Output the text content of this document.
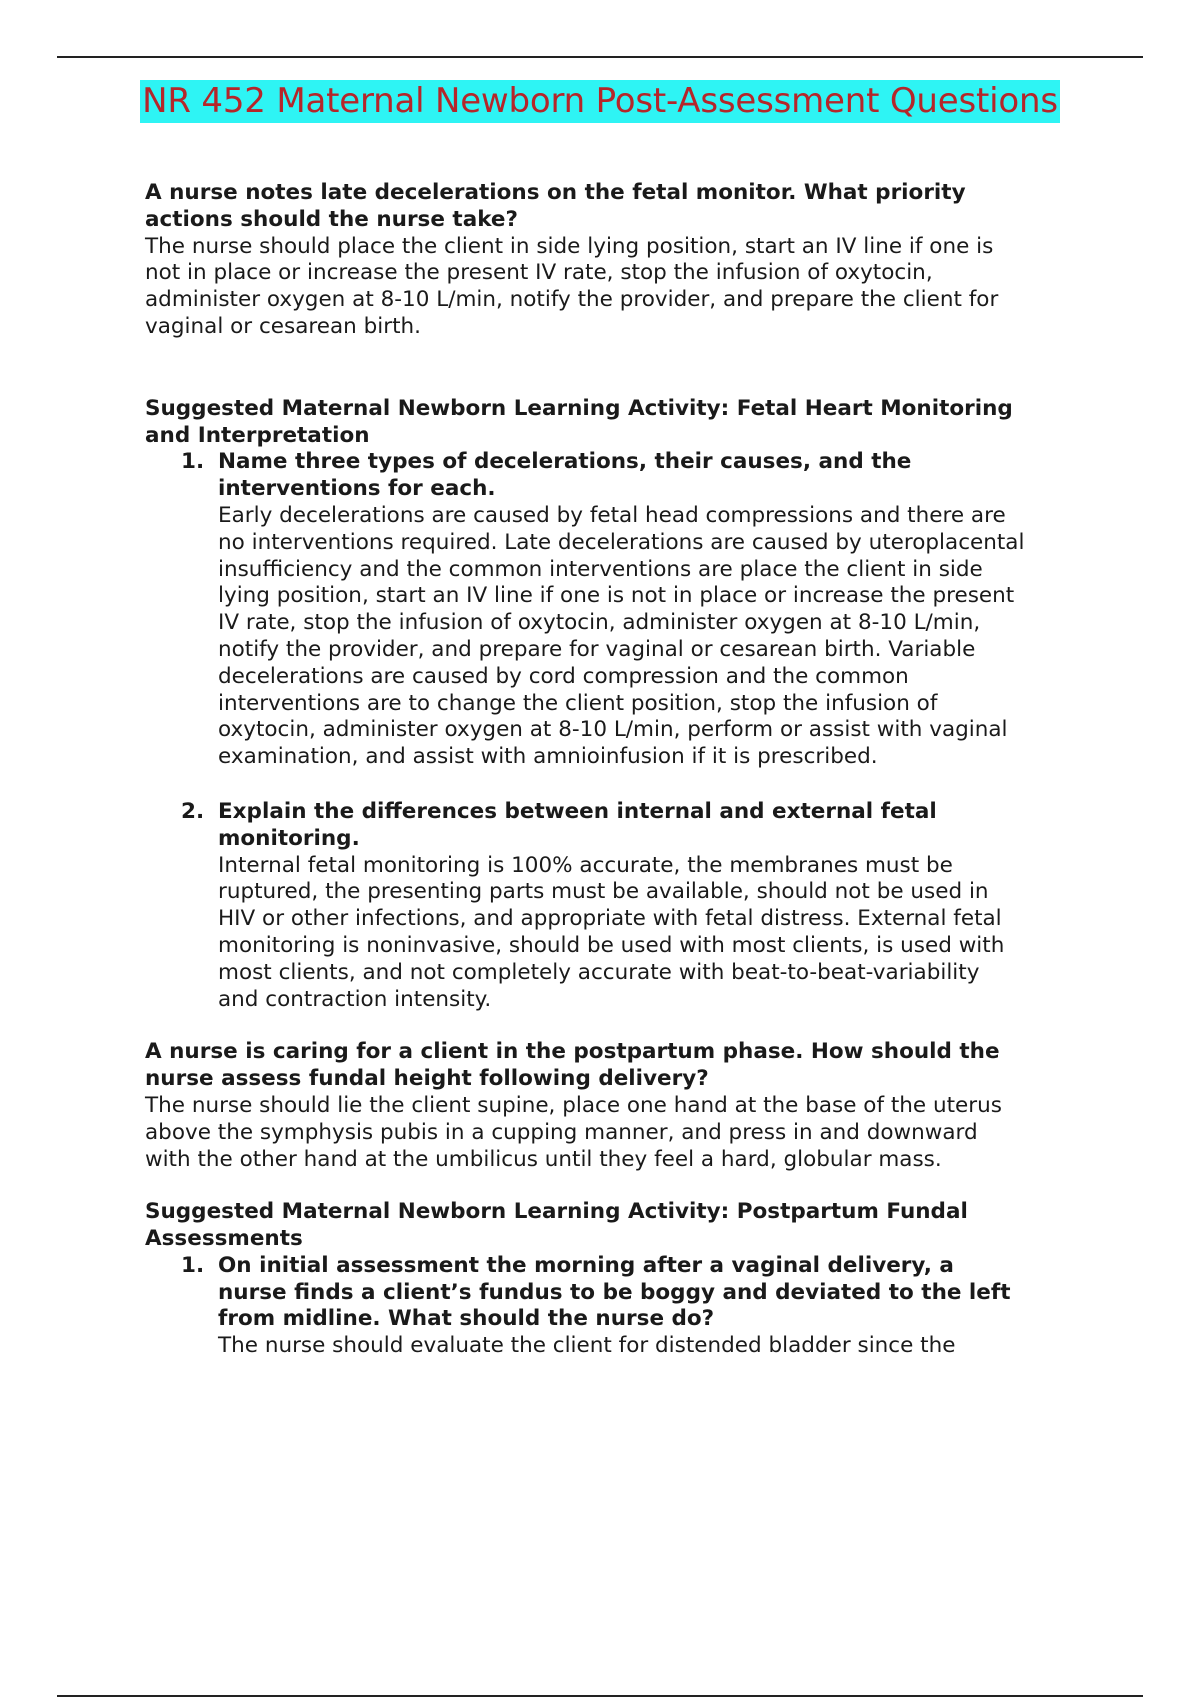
NR 452 Maternal Newborn Post-Assessment Questions

A nurse notes late decelerations on the fetal monitor. What priority actions should the nurse take?

The nurse should place the client in side lying position, start an IV line if one is not in place or increase the present IV rate, stop the infusion of oxytocin, administer oxygen at 8-10 L/min, notify the provider, and prepare the client for vaginal or cesarean birth.

Suggested Maternal Newborn Learning Activity: Fetal Heart Monitoring and Interpretation

1. Name three types of decelerations, their causes, and the interventions for each.

Early decelerations are caused by fetal head compressions and there are no interventions required. Late decelerations are caused by uteroplacental insufficiency and the common interventions are place the client in side lying position, start an IV line if one is not in place or increase the present IV rate, stop the infusion of oxytocin, administer oxygen at 8-10 L/min, notify the provider, and prepare for vaginal or cesarean birth. Variable decelerations are caused by cord compression and the common interventions are to change the client position, stop the infusion of oxytocin, administer oxygen at 8-10 L/min, perform or assist with vaginal examination, and assist with amnioinfusion if it is prescribed.

2. Explain the differences between internal and external fetal monitoring.

Internal fetal monitoring is 100% accurate, the membranes must be ruptured, the presenting parts must be available, should not be used in HIV or other infections, and appropriate with fetal distress. External fetal monitoring is noninvasive, should be used with most clients, is used with most clients, and not completely accurate with beat-to-beat-variability and contraction intensity.

A nurse is caring for a client in the postpartum phase. How should the nurse assess fundal height following delivery?

The nurse should lie the client supine, place one hand at the base of the uterus above the symphysis pubis in a cupping manner, and press in and downward with the other hand at the umbilicus until they feel a hard, globular mass.

Suggested Maternal Newborn Learning Activity: Postpartum Fundal Assessments

1. On initial assessment the morning after a vaginal delivery, a nurse finds a client’s fundus to be boggy and deviated to the left from midline. What should the nurse do?

The nurse should evaluate the client for distended bladder since the
